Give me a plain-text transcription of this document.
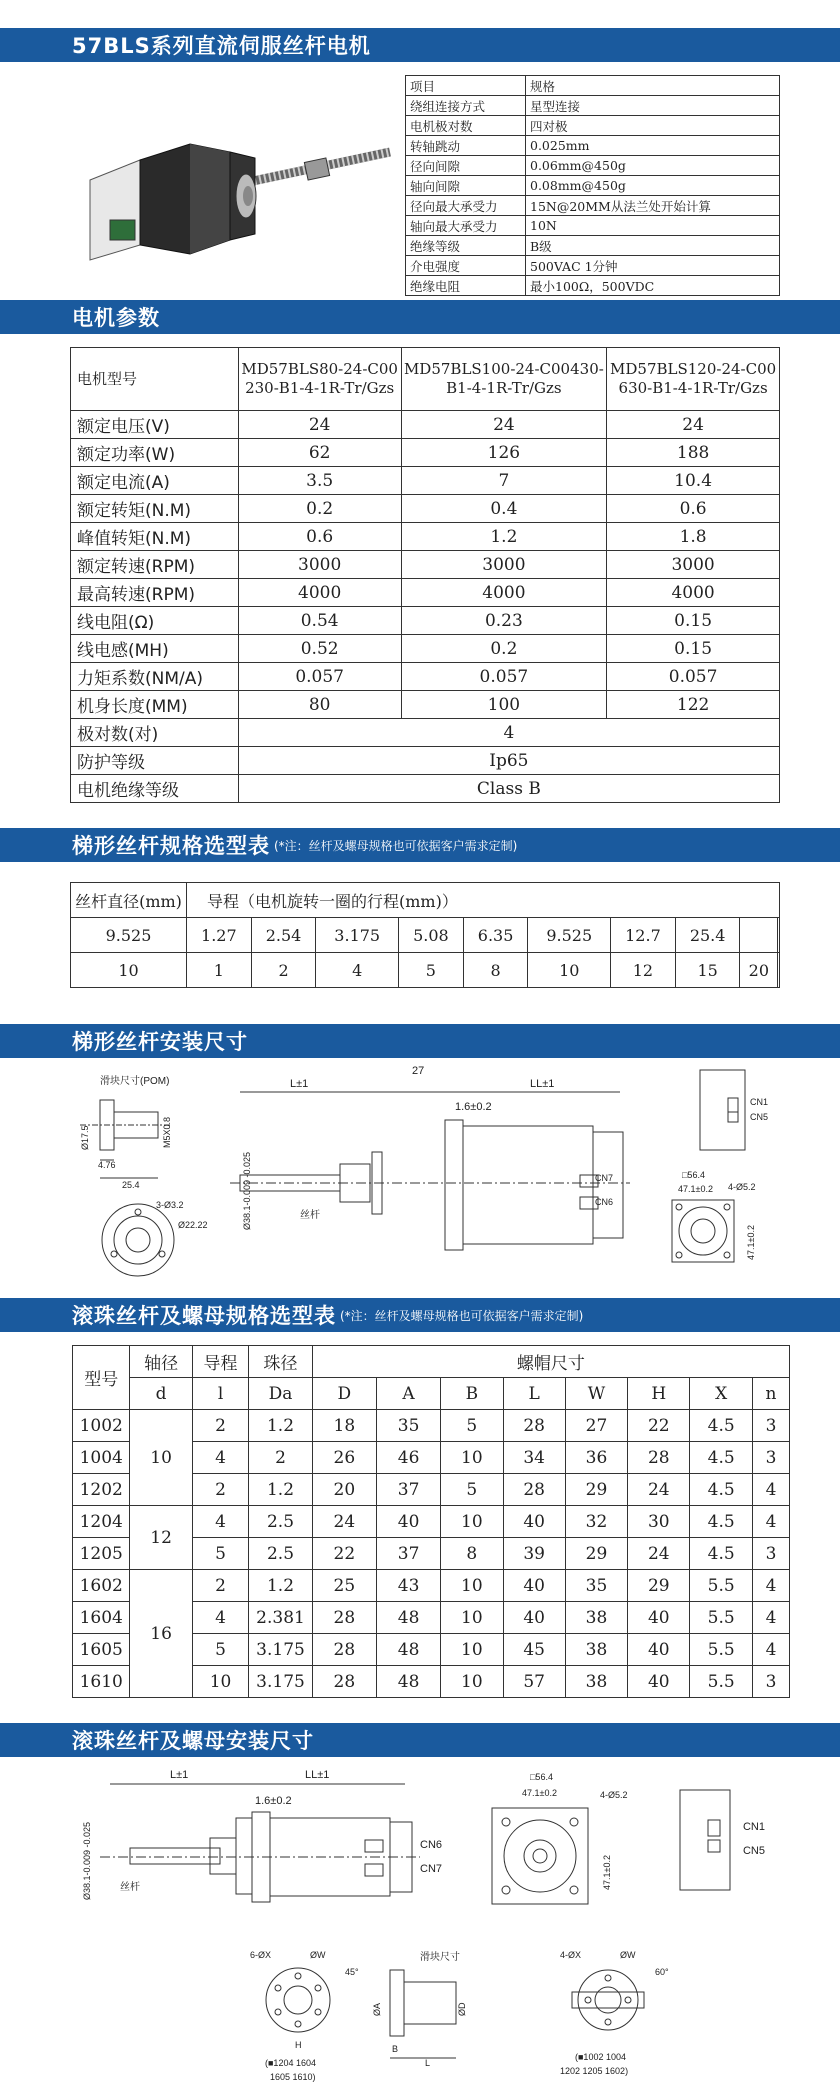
57BLS系列直流伺服丝杆电机
项目	规格
绕组连接方式	星型连接
电机极对数	四对极
转轴跳动	0.025mm
径向间隙	0.06mm@450g
轴向间隙	0.08mm@450g
径向最大承受力	15N@20MM从法兰处开始计算
轴向最大承受力	10N
绝缘等级	B级
介电强度	500VAC 1分钟
绝缘电阻	最小100Ω，500VDC
电机参数
电机型号	MD57BLS80-24-C00230-B1-4-1R-Tr/Gzs	MD57BLS100-24-C00430-B1-4-1R-Tr/Gzs	MD57BLS120-24-C00630-B1-4-1R-Tr/Gzs
额定电压(V)	24	24	24
额定功率(W)	62	126	188
额定电流(A)	3.5	7	10.4
额定转矩(N.M)	0.2	0.4	0.6
峰值转矩(N.M)	0.6	1.2	1.8
额定转速(RPM)	3000	3000	3000
最高转速(RPM)	4000	4000	4000
线电阻(Ω)	0.54	0.23	0.15
线电感(MH)	0.52	0.2	0.15
力矩系数(NM/A)	0.057	0.057	0.057
机身长度(MM)	80	100	122
极对数(对)	4		
防护等级	Ip65		
电机绝缘等级	Class B		
梯形丝杆规格选型表 (*注：丝杆及螺母规格也可依据客户需求定制)
丝杆直径(mm)	导程（电机旋转一圈的行程(mm)）									
9.525	1.27	2.54	3.175	5.08	6.35	9.525	12.7	25.4		
10	1	2	4	5	8	10	12	15	20	
梯形丝杆安装尺寸
滑块尺寸(POM)
Ø17.5	M5X0.8
4.76
25.4
3-Ø3.2
Ø22.22
27
L±1	LL±1
1.6±0.2
CN7
CN6
Ø38.1-0.009 -0.025	丝杆
CN1
CN5
□56.4
47.1±0.2 4-Ø5.2
47.1±0.2
滚珠丝杆及螺母规格选型表 (*注：丝杆及螺母规格也可依据客户需求定制)
型号	轴径	导程	珠径	螺帽尺寸							
	d	l	Da	D	A	B	L	W	H	X	n
1002	10	2	1.2	18	35	5	28	27	22	4.5	3
1004		4	2	26	46	10	34	36	28	4.5	3
1202		2	1.2	20	37	5	28	29	24	4.5	4
1204	12	4	2.5	24	40	10	40	32	30	4.5	4
1205		5	2.5	22	37	8	39	29	24	4.5	3
1602	16	2	1.2	25	43	10	40	35	29	5.5	4
1604		4	2.381	28	48	10	40	38	40	5.5	4
1605		5	3.175	28	48	10	45	38	40	5.5	4
1610		10	3.175	28	48	10	57	38	40	5.5	3
滚珠丝杆及螺母安装尺寸
L±1	LL±1
1.6±0.2
CN6
CN7
Ø38.1-0.009 -0.025	丝杆
□56.4
47.1±0.2	4-Ø5.2
47.1±0.2
CN1
CN5
6-ØX	ØW
45°
H
(■1204 1604
1605 1610)
滑块尺寸
ØA	ØD
B
L
4-ØX	ØW
60°
(■1002 1004
1202 1205 1602)
